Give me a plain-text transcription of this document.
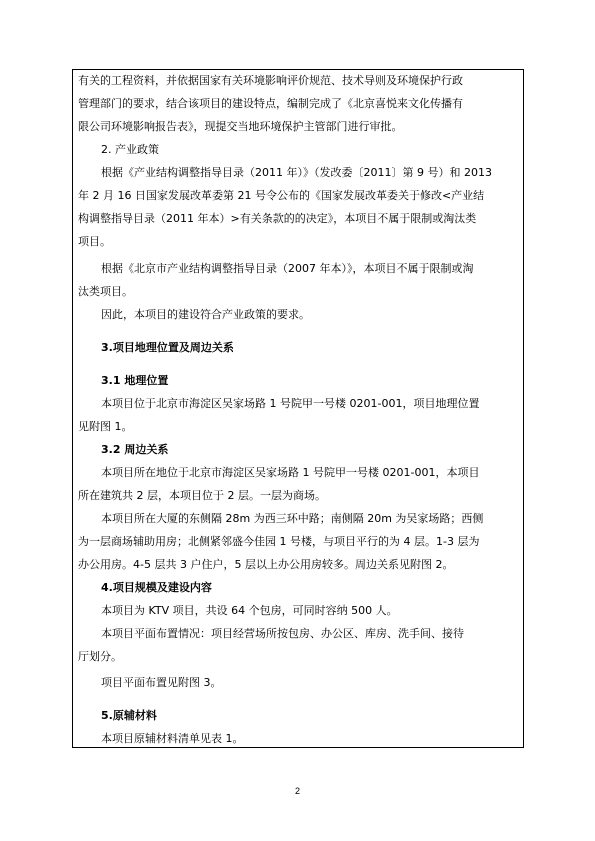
有关的工程资料，并依据国家有关环境影响评价规范、技术导则及环境保护行政
管理部门的要求，结合该项目的建设特点，编制完成了《北京喜悦来文化传播有
限公司环境影响报告表》，现提交当地环境保护主管部门进行审批。
2. 产业政策
根据《产业结构调整指导目录（2011 年）》（发改委〔2011〕第 9 号）和 2013
年 2 月 16 日国家发展改革委第 21 号令公布的《国家发展改革委关于修改<产业结
构调整指导目录（2011 年本）>有关条款的的决定》，本项目不属于限制或淘汰类
项目。
根据《北京市产业结构调整指导目录（2007 年本）》，本项目不属于限制或淘
汰类项目。
因此，本项目的建设符合产业政策的要求。
3.项目地理位置及周边关系
3.1 地理位置
本项目位于北京市海淀区吴家场路 1 号院甲一号楼 0201-001，项目地理位置
见附图 1。
3.2 周边关系
本项目所在地位于北京市海淀区吴家场路 1 号院甲一号楼 0201-001，本项目
所在建筑共 2 层，本项目位于 2 层。一层为商场。
本项目所在大厦的东侧隔 28m 为西三环中路；南侧隔 20m 为吴家场路；西侧
为一层商场辅助用房；北侧紧邻盛今佳园 1 号楼，与项目平行的为 4 层。1-3 层为
办公用房。4-5 层共 3 户住户，5 层以上办公用房较多。周边关系见附图 2。
4.项目规模及建设内容
本项目为 KTV 项目，共设 64 个包房，可同时容纳 500 人。
本项目平面布置情况：项目经营场所按包房、办公区、库房、洗手间、接待
厅划分。
项目平面布置见附图 3。
5.原辅材料
本项目原辅材料清单见表 1。
2
